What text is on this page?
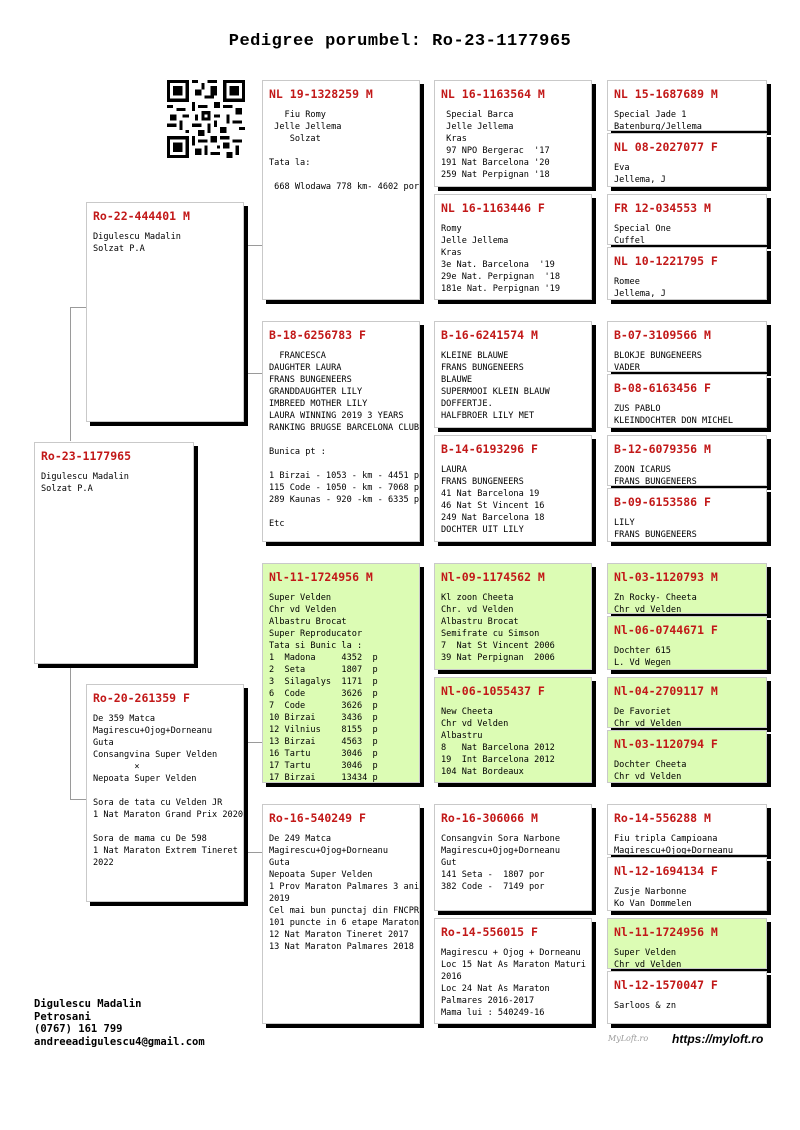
Pedigree porumbel: Ro-23-1177965
Ro-23-1177965
Digulescu Madalin
Solzat P.A
Ro-22-444401 M
Digulescu Madalin
Solzat P.A
Ro-20-261359 F
De 359 Matca
Magirescu+Ojog+Dorneanu
Guta
Consangvina Super Velden
×
Nepoata Super Velden

Sora de tata cu Velden JR
1 Nat Maraton Grand Prix 2020

Sora de mama cu De 598
1 Nat Maraton Extrem Tineret
2022
NL 19-1328259 M
Fiu Romy
Jelle Jellema
Solzat

Tata la:

668 Wlodawa 778 km- 4602 por
B-18-6256783 F
FRANCESCA
DAUGHTER LAURA
FRANS BUNGENEERS
GRANDDAUGHTER LILY
IMBREED MOTHER LILY
LAURA WINNING 2019 3 YEARS
RANKING BRUGSE BARCELONA CLUB

Bunica pt :

1 Birzai - 1053 - km - 4451 p
115 Code - 1050 - km - 7068 p
289 Kaunas - 920 -km - 6335 p

Etc
Nl-11-1724956 M
Super Velden
Chr vd Velden
Albastru Brocat
Super Reproducator
Tata si Bunic la :
1  Madona     4352  p
2  Seta       1807  p
3  Silagalys  1171  p
6  Code       3626  p
7  Code       3626  p
10 Birzai     3436  p
12 Vilnius    8155  p
13 Birzai     4563  p
16 Tartu      3046  p
17 Tartu      3046  p
17 Birzai     13434 p
Ro-16-540249 F
De 249 Matca
Magirescu+Ojog+Dorneanu
Guta
Nepoata Super Velden
1 Prov Maraton Palmares 3 ani
2019
Cel mai bun punctaj din FNCPR
101 puncte in 6 etape Maraton
12 Nat Maraton Tineret 2017
13 Nat Maraton Palmares 2018
NL 16-1163564 M
Special Barca
Jelle Jellema
Kras
97 NPO Bergerac  '17
191 Nat Barcelona '20
259 Nat Perpignan '18
NL 16-1163446 F
Romy
Jelle Jellema
Kras
3e Nat. Barcelona  '19
29e Nat. Perpignan  '18
181e Nat. Perpignan '19
B-16-6241574 M
KLEINE BLAUWE
FRANS BUNGENEERS
BLAUWE
SUPERMOOI KLEIN BLAUW
DOFFERTJE.
HALFBROER LILY MET
B-14-6193296 F
LAURA
FRANS BUNGENEERS
41 Nat Barcelona 19
46 Nat St Vincent 16
249 Nat Barcelona 18
DOCHTER UIT LILY
Nl-09-1174562 M
Kl zoon Cheeta
Chr. vd Velden
Albastru Brocat
Semifrate cu Simson
7  Nat St Vincent 2006
39 Nat Perpignan  2006
Nl-06-1055437 F
New Cheeta
Chr vd Velden
Albastru
8   Nat Barcelona 2012
19  Int Barcelona 2012
104 Nat Bordeaux
Ro-16-306066 M
Consangvin Sora Narbone
Magirescu+Ojog+Dorneanu
Gut
141 Seta -  1807 por
382 Code -  7149 por
Ro-14-556015 F
Magirescu + Ojog + Dorneanu
Loc 15 Nat As Maraton Maturi
2016
Loc 24 Nat As Maraton
Palmares 2016-2017
Mama lui : 540249-16
NL 15-1687689 M
Special Jade 1
Batenburg/Jellema

NL 08-2027077 F
Eva
Jellema, J

FR 12-034553 M
Special One
Cuffel

NL 10-1221795 F
Romee
Jellema, J

B-07-3109566 M
BLOKJE BUNGENEERS
VADER

B-08-6163456 F
ZUS PABLO
KLEINDOCHTER DON MICHEL

B-12-6079356 M
ZOON ICARUS
FRANS BUNGENEERS

B-09-6153586 F
LILY
FRANS BUNGENEERS

Nl-03-1120793 M
Zn Rocky- Cheeta
Chr vd Velden

Nl-06-0744671 F
Dochter 615
L. Vd Wegen

Nl-04-2709117 M
De Favoriet
Chr vd Velden

Nl-03-1120794 F
Dochter Cheeta
Chr vd Velden

Ro-14-556288 M
Fiu tripla Campioana
Magirescu+Ojog+Dorneanu

Nl-12-1694134 F
Zusje Narbonne
Ko Van Dommelen

Nl-11-1724956 M
Super Velden
Chr vd Velden

Nl-12-1570047 F
Sarloos & zn
Digulescu Madalin
Petrosani
(0767) 161 799
andreeadigulescu4@gmail.com	MyLoft.ro https://myloft.ro
